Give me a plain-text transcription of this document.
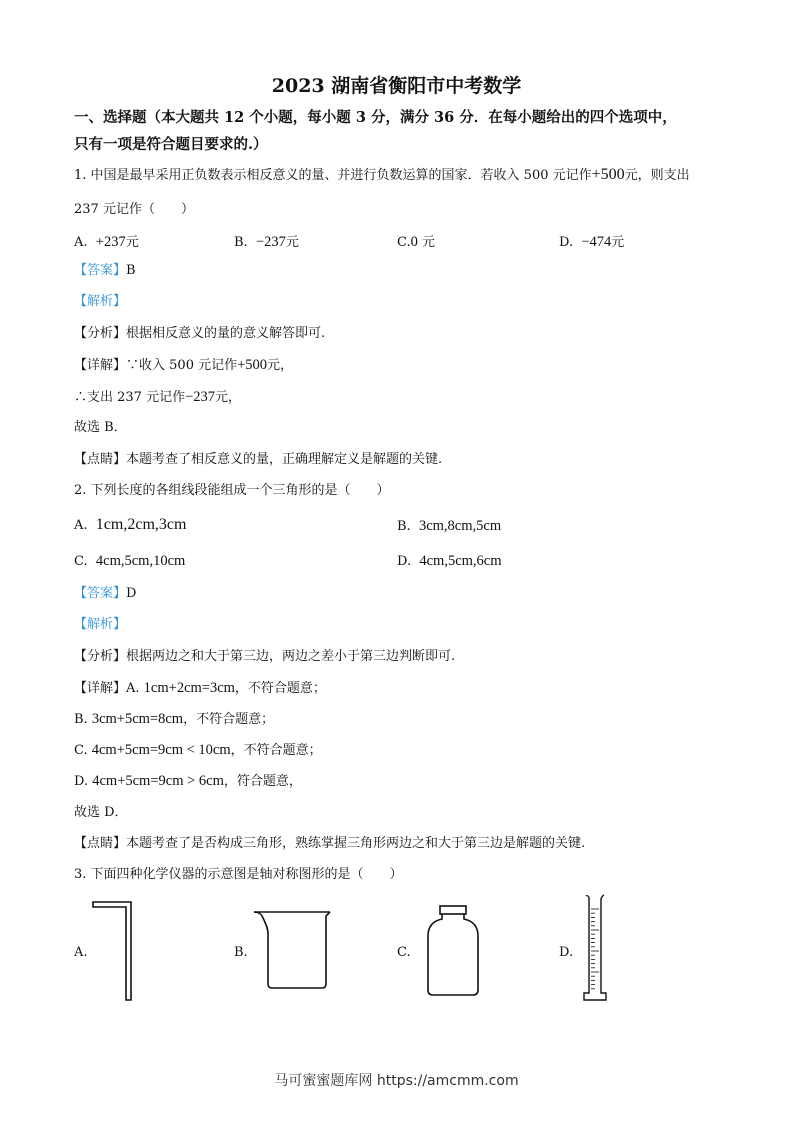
2023 湖南省衡阳市中考数学
一、选择题（本大题共 12 个小题，每小题 3 分，满分 36 分．在每小题给出的四个选项中，
只有一项是符合题目要求的.）
1. 中国是最早采用正负数表示相反意义的量、并进行负数运算的国家．若收入 500 元记作+500元，则支出
237 元记作（　　）
A. +237元	B. −237元	C.0 元	D. −474元
【答案】B
【解析】
【分析】根据相反意义的量的意义解答即可.
【详解】∵收入 500 元记作+500元，
∴支出 237 元记作−237元，
故选 B．
【点睛】本题考查了相反意义的量，正确理解定义是解题的关键.
2. 下列长度的各组线段能组成一个三角形的是（　　）
A. 1cm,2cm,3cm	B. 3cm,8cm,5cm
C. 4cm,5cm,10cm	D. 4cm,5cm,6cm
【答案】D
【解析】
【分析】根据两边之和大于第三边，两边之差小于第三边判断即可.
【详解】A. 1cm+2cm=3cm，不符合题意；
B. 3cm+5cm=8cm，不符合题意；
C. 4cm+5cm=9cm < 10cm，不符合题意；
D. 4cm+5cm=9cm > 6cm，符合题意，
故选 D．
【点睛】本题考查了是否构成三角形，熟练掌握三角形两边之和大于第三边是解题的关键.
3. 下面四种化学仪器的示意图是轴对称图形的是（　　）
A.	B.	C.	D.
马可蜜蜜题库网 https://amcmm.com
